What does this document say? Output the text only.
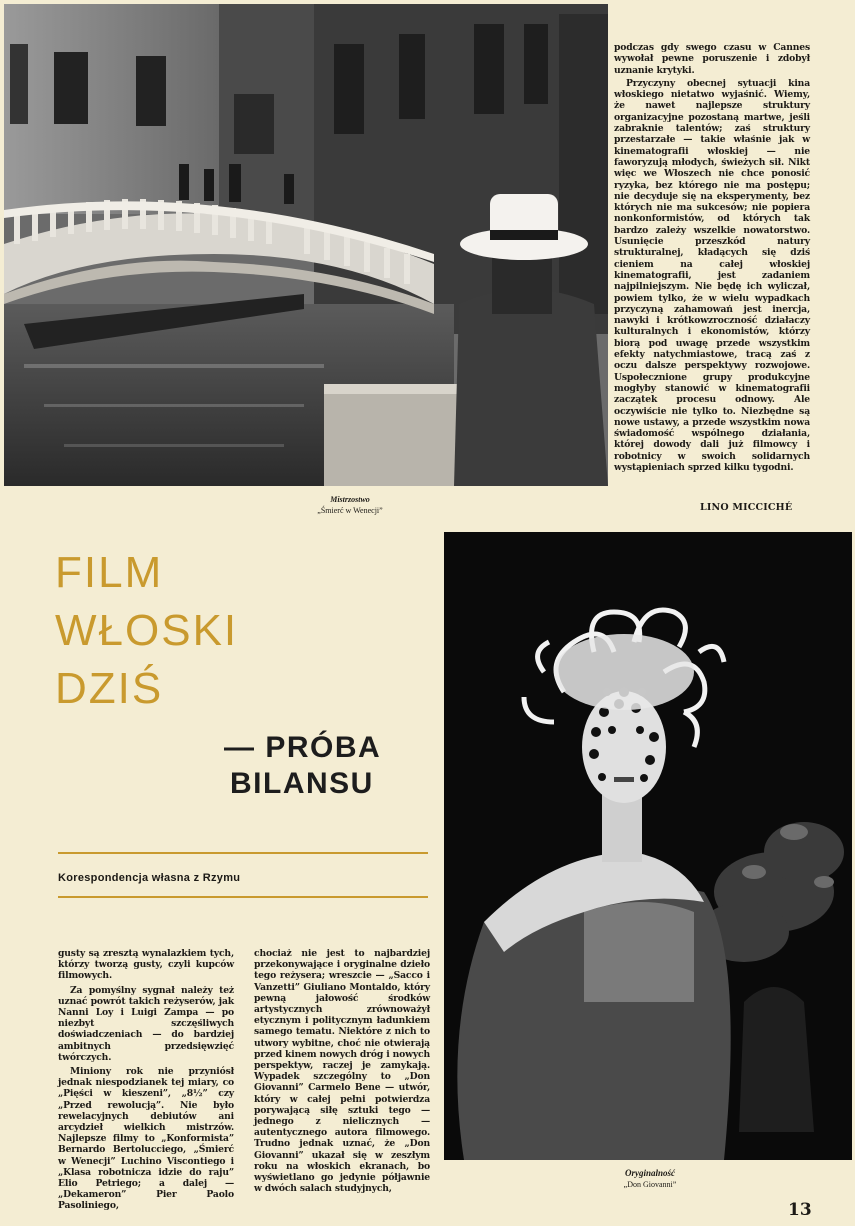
Mistrzostwo
„Śmierć w Wenecji”

podczas gdy swego czasu w Cannes wywołał pewne poruszenie i zdobył uznanie krytyki.

Przyczyny obecnej sytuacji kina włoskiego nietatwo wyjaśnić. Wiemy, że nawet najlepsze struktury organizacyjne pozostaną martwe, jeśli zabraknie talentów; zaś struktury przestarzałe — takie właśnie jak w kinematografii włoskiej — nie faworyzują młodych, świeżych sił. Nikt więc we Włoszech nie chce ponosić ryzyka, bez którego nie ma postępu; nie decyduje się na eksperymenty, bez których nie ma sukcesów; nie popiera nonkonformistów, od których tak bardzo zależy wszelkie nowatorstwo. Usunięcie przeszkód natury strukturalnej, kładących się dziś cieniem na całej włoskiej kinematografii, jest zadaniem najpilniejszym. Nie będę ich wyliczał, powiem tylko, że w wielu wypadkach przyczyną zahamowań jest inercja, nawyki i krótkowzroczność działaczy kulturalnych i ekonomistów, którzy biorą pod uwagę przede wszystkim efekty natychmiastowe, tracą zaś z oczu dalsze perspektywy rozwojowe. Uspołecznione grupy produkcyjne mogłyby stanowić w kinematografii zaczątek procesu odnowy. Ale oczywiście nie tylko to. Niezbędne są nowe ustawy, a przede wszystkim nowa świadomość wspólnego działania, której dowody dali już filmowcy i robotnicy w swoich solidarnych wystąpieniach sprzed kilku tygodni.

LINO MICCICHÉ
FILM
WŁOSKI
DZIŚ
— PRÓBA
BILANSU
Korespondencja własna z Rzymu

gusty są zresztą wynalazkiem tych, którzy tworzą gusty, czyli kupców filmowych.

Za pomyślny sygnał należy też uznać powrót takich reżyserów, jak Nanni Loy i Luigi Zampa — po niezbyt szczęśliwych doświadczeniach — do bardziej ambitnych przedsięwzięć twórczych.

Miniony rok nie przyniósł jednak niespodzianek tej miary, co „Pięści w kieszeni”, „8½” czy „Przed rewolucją”. Nie było rewelacyjnych debiutów ani arcydzieł wielkich mistrzów. Najlepsze filmy to „Konformista” Bernardo Bertolucciego, „Śmierć w Wenecji” Luchino Viscontiego i „Klasa robotnicza idzie do raju” Elio Petriego; a dalej — „Dekameron” Pier Paolo Pasoliniego,

chociaż nie jest to najbardziej przekonywające i oryginalne dzieło tego reżysera; wreszcie — „Sacco i Vanzetti” Giuliano Montaldo, który pewną jałowość środków artystycznych zrównoważył etycznym i politycznym ładunkiem samego tematu. Niektóre z nich to utwory wybitne, choć nie otwierają przed kinem nowych dróg i nowych perspektyw, raczej je zamykają. Wypadek szczególny to „Don Giovanni” Carmelo Bene — utwór, który w całej pełni potwierdza porywającą siłę sztuki tego — jednego z nielicznych — autentycznego autora filmowego. Trudno jednak uznać, że „Don Giovanni” ukazał się w zeszłym roku na włoskich ekranach, bo wyświetlano go jedynie półjawnie w dwóch salach studyjnych,

Oryginalność
„Don Giovanni”
13
